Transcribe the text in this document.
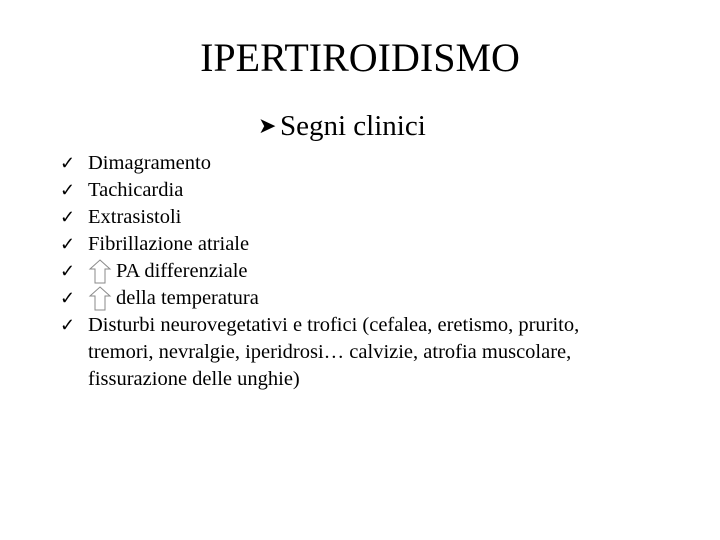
IPERTIROIDISMO
➤ Segni clinici
✓ Dimagramento
✓ Tachicardia
✓ Extrasistoli
✓ Fibrillazione atriale
✓	PA differenziale
✓	della temperatura
✓ Disturbi neurovegetativi e trofici (cefalea, eretismo, prurito, tremori, nevralgie, iperidrosi… calvizie, atrofia muscolare, fissurazione delle unghie)
